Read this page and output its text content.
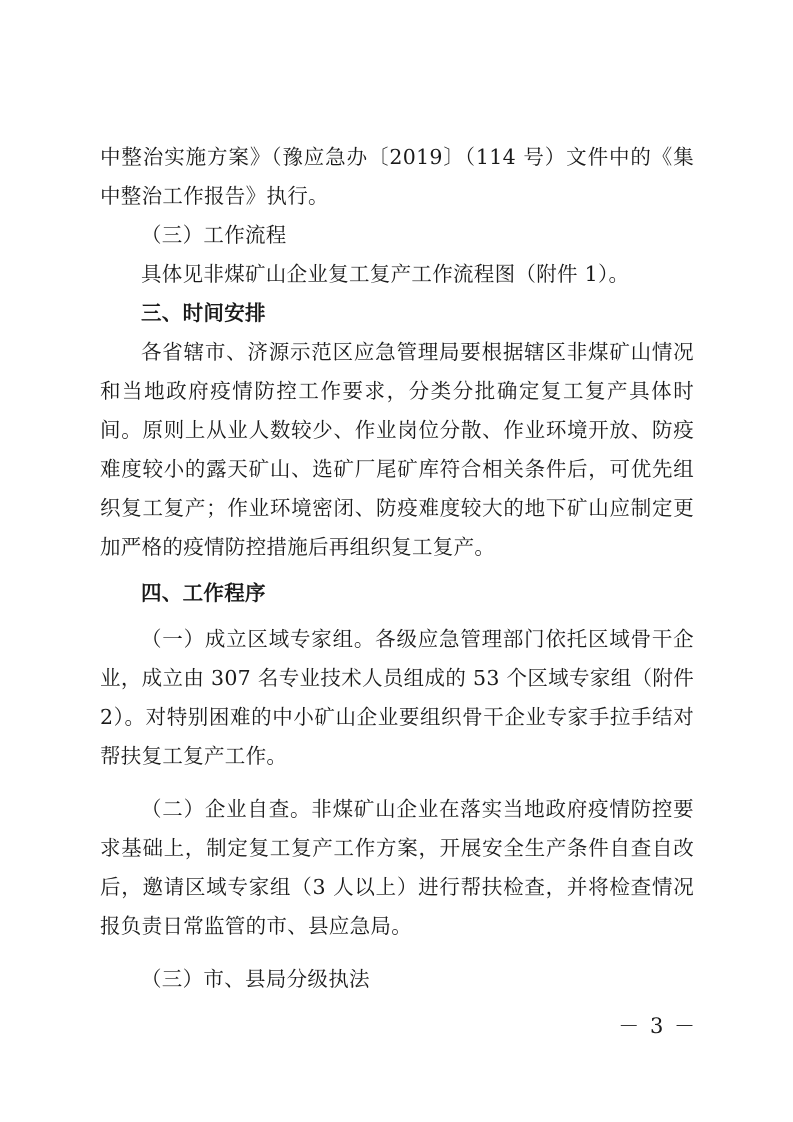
中整治实施方案》（豫应急办〔2019〕（114 号）文件中的《集中整治工作报告》执行。

（三）工作流程

具体见非煤矿山企业复工复产工作流程图（附件 1）。

三、时间安排

各省辖市、济源示范区应急管理局要根据辖区非煤矿山情况和当地政府疫情防控工作要求，分类分批确定复工复产具体时间。原则上从业人数较少、作业岗位分散、作业环境开放、防疫难度较小的露天矿山、选矿厂尾矿库符合相关条件后，可优先组织复工复产；作业环境密闭、防疫难度较大的地下矿山应制定更加严格的疫情防控措施后再组织复工复产。

四、工作程序

（一）成立区域专家组。各级应急管理部门依托区域骨干企业，成立由 307 名专业技术人员组成的 53 个区域专家组（附件 2）。对特别困难的中小矿山企业要组织骨干企业专家手拉手结对帮扶复工复产工作。

（二）企业自查。非煤矿山企业在落实当地政府疫情防控要求基础上，制定复工复产工作方案，开展安全生产条件自查自改后，邀请区域专家组（3 人以上）进行帮扶检查，并将检查情况报负责日常监管的市、县应急局。

（三）市、县局分级执法

－ 3 －
